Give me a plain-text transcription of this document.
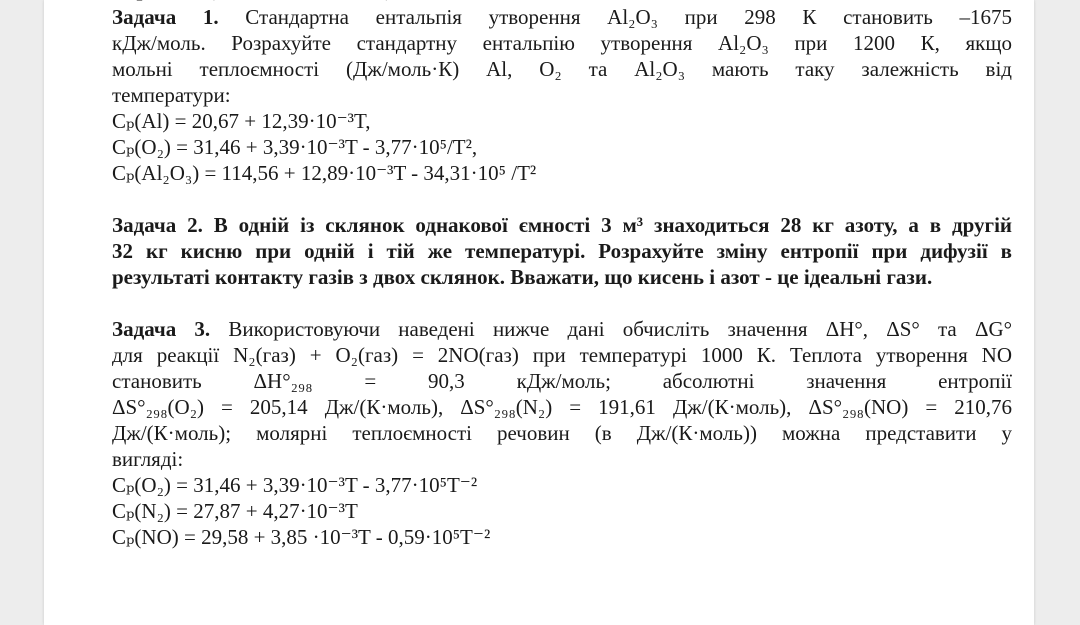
Задача 1. Стандартна ентальпія утворення Al₂O₃ при 298 К становить –1675
кДж/моль. Розрахуйте стандартну ентальпію утворення Al₂O₃ при 1200 К, якщо
мольні теплоємності (Дж/моль·К) Al, O₂ та Al₂O₃ мають таку залежність від
температури:
Cₚ(Al) = 20,67 + 12,39·10⁻³T,
Cₚ(O₂) = 31,46 + 3,39·10⁻³T - 3,77·10⁵/T²,
Cₚ(Al₂O₃) = 114,56 + 12,89·10⁻³T - 34,31·10⁵ /T²
Задача 2. В одній із склянок однакової ємності 3 м³ знаходиться 28 кг азоту, а в другій
32 кг кисню при одній і тій же температурі. Розрахуйте зміну ентропії при дифузії в
результаті контакту газів з двох склянок. Вважати, що кисень і азот - це ідеальні гази.
Задача 3. Використовуючи наведені нижче дані обчисліть значення ΔH°, ΔS° та ΔG°
для реакції N₂(газ) + O₂(газ) = 2NO(газ) при температурі 1000 К. Теплота утворення NO
становить ΔH°₂₉₈ = 90,3 кДж/моль; абсолютні значення ентропії
ΔS°₂₉₈(O₂) = 205,14 Дж/(К·моль), ΔS°₂₉₈(N₂) = 191,61 Дж/(К·моль), ΔS°₂₉₈(NO) = 210,76
Дж/(К·моль); молярні теплоємності речовин (в Дж/(К·моль)) можна представити у
вигляді:
Cₚ(O₂) = 31,46 + 3,39·10⁻³T - 3,77·10⁵T⁻²
Cₚ(N₂) = 27,87 + 4,27·10⁻³T
Cₚ(NO) = 29,58 + 3,85 ·10⁻³T - 0,59·10⁵T⁻²
